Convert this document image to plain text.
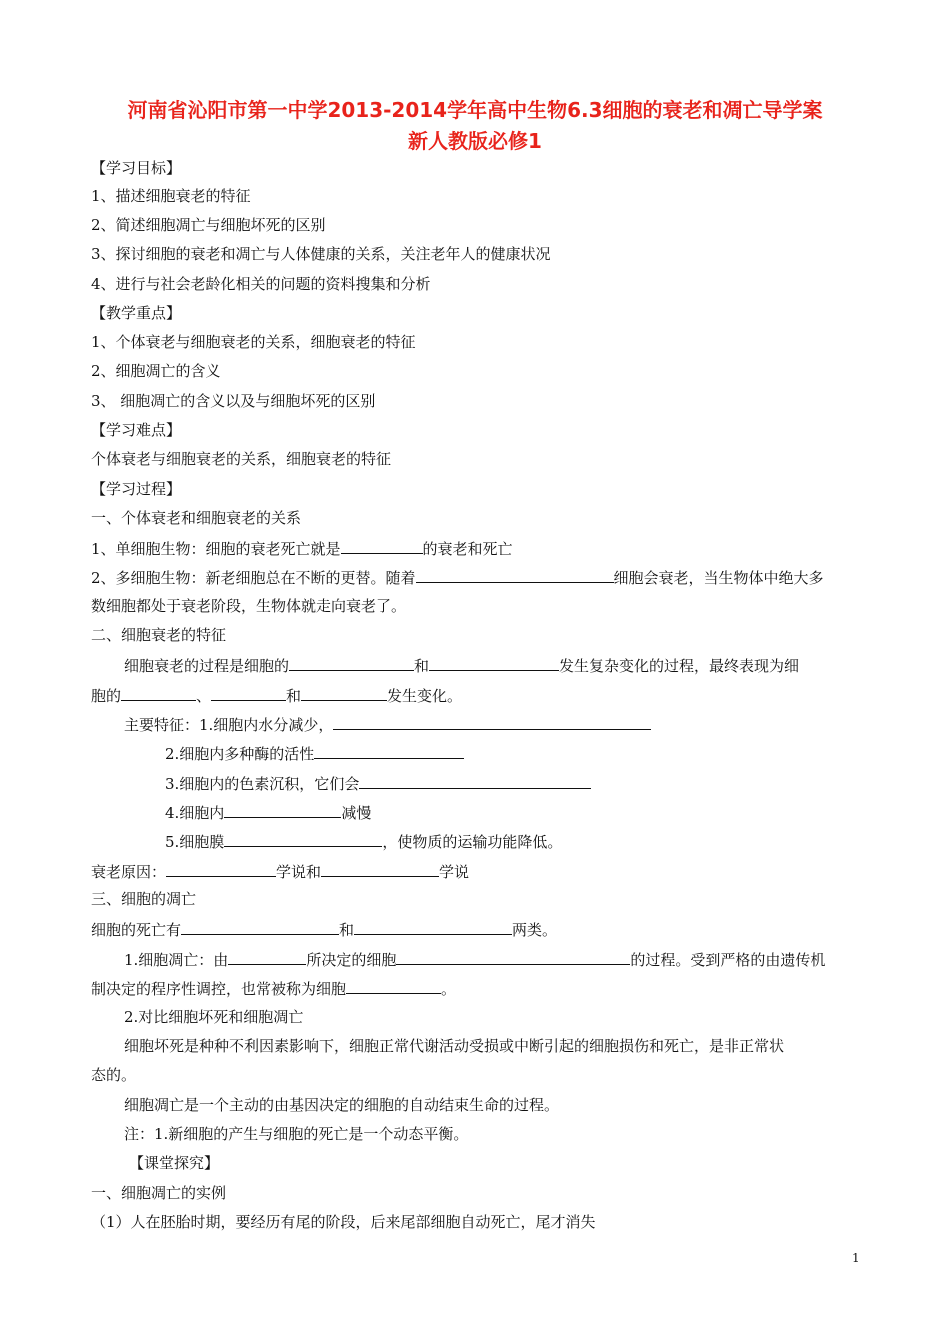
河南省沁阳市第一中学2013-2014学年高中生物6.3细胞的衰老和凋亡导学案
新人教版必修1
【学习目标】
1、描述细胞衰老的特征
2、简述细胞凋亡与细胞坏死的区别
3、探讨细胞的衰老和凋亡与人体健康的关系，关注老年人的健康状况
4、进行与社会老龄化相关的问题的资料搜集和分析
【教学重点】
1、个体衰老与细胞衰老的关系，细胞衰老的特征
2、细胞凋亡的含义
3、 细胞凋亡的含义以及与细胞坏死的区别
【学习难点】
个体衰老与细胞衰老的关系，细胞衰老的特征
【学习过程】
一、个体衰老和细胞衰老的关系
1、单细胞生物：细胞的衰老死亡就是	的衰老和死亡
2、多细胞生物：新老细胞总在不断的更替。随着	细胞会衰老，当生物体中绝大多
数细胞都处于衰老阶段，生物体就走向衰老了。
二、细胞衰老的特征
细胞衰老的过程是细胞的	和	发生复杂变化的过程，最终表现为细
胞的	、	和	发生变化。
主要特征：1.细胞内水分减少，
2.细胞内多种酶的活性
3.细胞内的色素沉积，它们会
4.细胞内	减慢
5.细胞膜	，使物质的运输功能降低。
衰老原因：	学说和	学说
三、细胞的凋亡
细胞的死亡有	和	两类。
1.细胞凋亡：由	所决定的细胞	的过程。受到严格的由遗传机
制决定的程序性调控，也常被称为细胞	。
2.对比细胞坏死和细胞凋亡
细胞坏死是种种不利因素影响下，细胞正常代谢活动受损或中断引起的细胞损伤和死亡，是非正常状
态的。
细胞凋亡是一个主动的由基因决定的细胞的自动结束生命的过程。
注：1.新细胞的产生与细胞的死亡是一个动态平衡。
【课堂探究】
一、细胞凋亡的实例
（1）人在胚胎时期，要经历有尾的阶段，后来尾部细胞自动死亡，尾才消失
1
